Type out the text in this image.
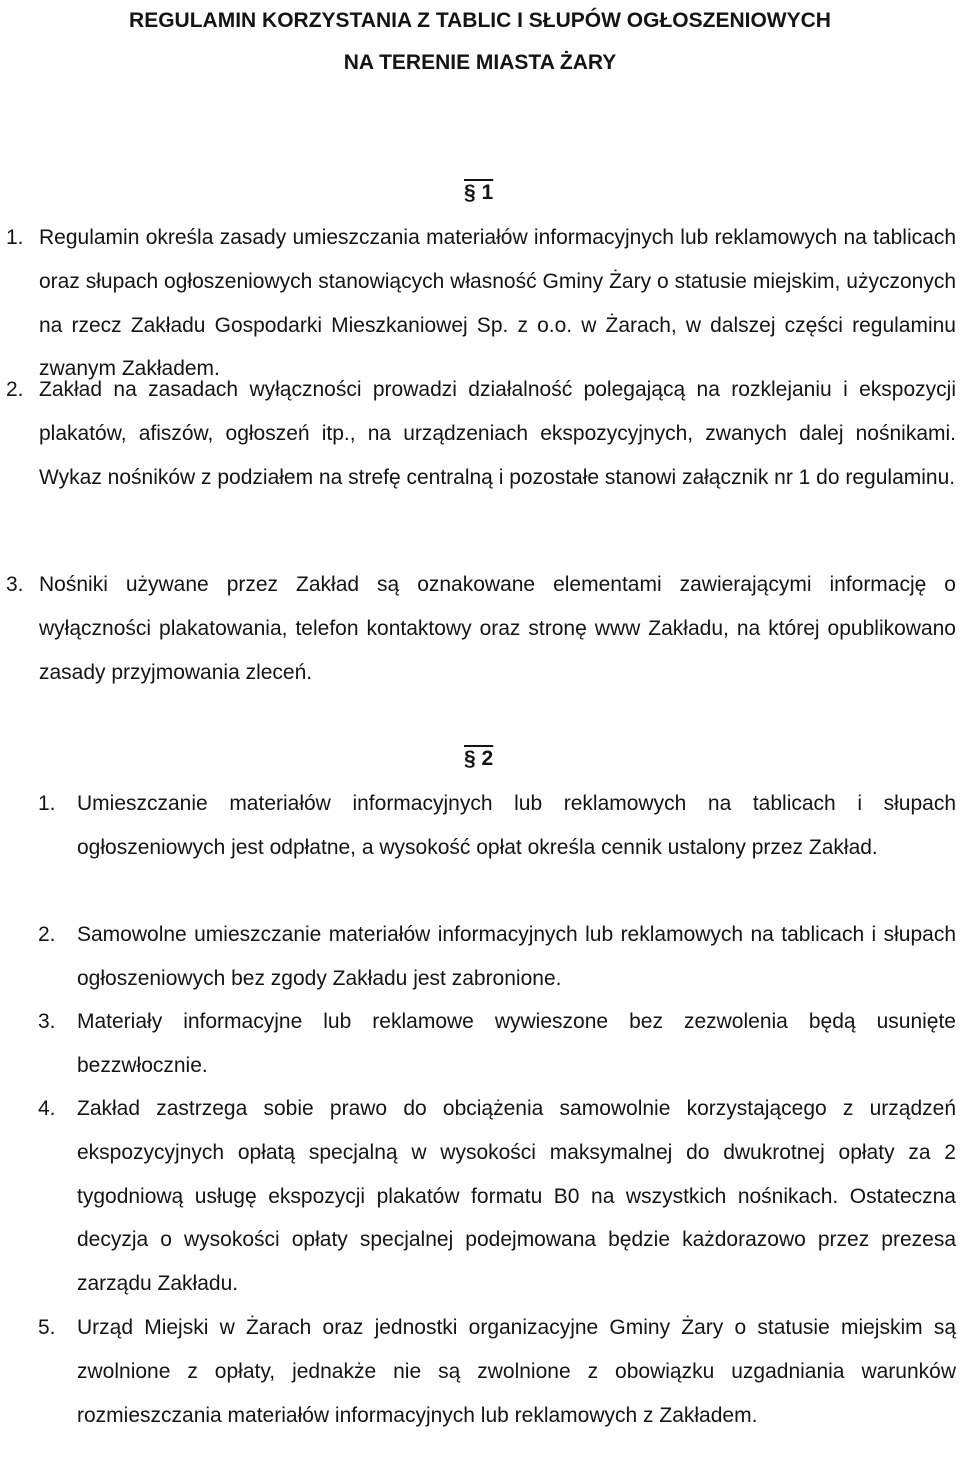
REGULAMIN KORZYSTANIA Z TABLIC I SŁUPÓW OGŁOSZENIOWYCH
NA TERENIE MIASTA ŻARY
§ 1
1. Regulamin określa zasady umieszczania materiałów informacyjnych lub reklamowych na tablicach oraz słupach ogłoszeniowych stanowiących własność Gminy Żary o statusie miejskim, użyczonych na rzecz Zakładu Gospodarki Mieszkaniowej Sp. z o.o. w Żarach, w dalszej części regulaminu zwanym Zakładem.
2. Zakład na zasadach wyłączności prowadzi działalność polegającą na rozklejaniu i ekspozycji plakatów, afiszów, ogłoszeń itp., na urządzeniach ekspozycyjnych, zwanych dalej nośnikami. Wykaz nośników z podziałem na strefę centralną i pozostałe stanowi załącznik nr 1 do regulaminu.
3. Nośniki używane przez Zakład są oznakowane elementami zawierającymi informację o wyłączności plakatowania, telefon kontaktowy oraz stronę www Zakładu, na której opublikowano zasady przyjmowania zleceń.
§ 2
1. Umieszczanie materiałów informacyjnych lub reklamowych na tablicach i słupach ogłoszeniowych jest odpłatne, a wysokość opłat określa cennik ustalony przez Zakład.
2. Samowolne umieszczanie materiałów informacyjnych lub reklamowych na tablicach i słupach ogłoszeniowych bez zgody Zakładu jest zabronione.
3. Materiały informacyjne lub reklamowe wywieszone bez zezwolenia będą usunięte bezzwłocznie.
4. Zakład zastrzega sobie prawo do obciążenia samowolnie korzystającego z urządzeń ekspozycyjnych opłatą specjalną w wysokości maksymalnej do dwukrotnej opłaty za 2 tygodniową usługę ekspozycji plakatów formatu B0 na wszystkich nośnikach. Ostateczna decyzja o wysokości opłaty specjalnej podejmowana będzie każdorazowo przez prezesa zarządu Zakładu.
5. Urząd Miejski w Żarach oraz jednostki organizacyjne Gminy Żary o statusie miejskim są zwolnione z opłaty, jednakże nie są zwolnione z obowiązku uzgadniania warunków rozmieszczania materiałów informacyjnych lub reklamowych z Zakładem.
